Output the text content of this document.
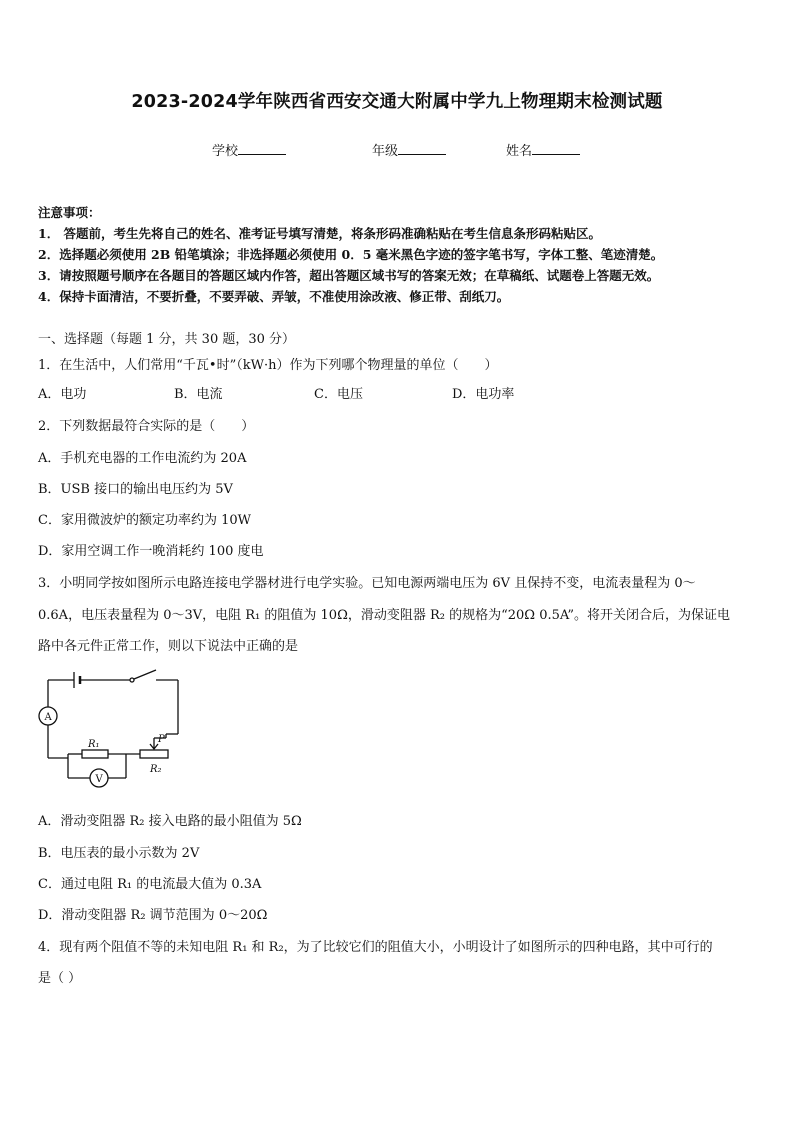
2023-2024学年陕西省西安交通大附属中学九上物理期末检测试题
学校	年级	姓名
注意事项：
1． 答题前，考生先将自己的姓名、准考证号填写清楚，将条形码准确粘贴在考生信息条形码粘贴区。
2．选择题必须使用 2B 铅笔填涂；非选择题必须使用 0．5 毫米黑色字迹的签字笔书写，字体工整、笔迹清楚。
3．请按照题号顺序在各题目的答题区域内作答，超出答题区域书写的答案无效；在草稿纸、试题卷上答题无效。
4．保持卡面清洁，不要折叠，不要弄破、弄皱，不准使用涂改液、修正带、刮纸刀。
一、选择题（每题 1 分，共 30 题，30 分）
1．在生活中，人们常用“千瓦•时”（kW·h）作为下列哪个物理量的单位（　　）
A．电功	B．电流	C．电压	D．电功率
2．下列数据最符合实际的是（　　）
A．手机充电器的工作电流约为 20A
B．USB 接口的输出电压约为 5V
C．家用微波炉的额定功率约为 10W
D．家用空调工作一晚消耗约 100 度电
3．小明同学按如图所示电路连接电学器材进行电学实验。已知电源两端电压为 6V 且保持不变，电流表量程为 0～
0.6A，电压表量程为 0～3V，电阻 R₁ 的阻值为 10Ω，滑动变阻器 R₂ 的规格为“20Ω 0.5A”。将开关闭合后，为保证电
路中各元件正常工作，则以下说法中正确的是
A
V
R₁
R₂
P
A．滑动变阻器 R₂ 接入电路的最小阻值为 5Ω
B．电压表的最小示数为 2V
C．通过电阻 R₁ 的电流最大值为 0.3A
D．滑动变阻器 R₂ 调节范围为 0～20Ω
4．现有两个阻值不等的未知电阻 R₁ 和 R₂，为了比较它们的阻值大小，小明设计了如图所示的四种电路，其中可行的
是（ ）
